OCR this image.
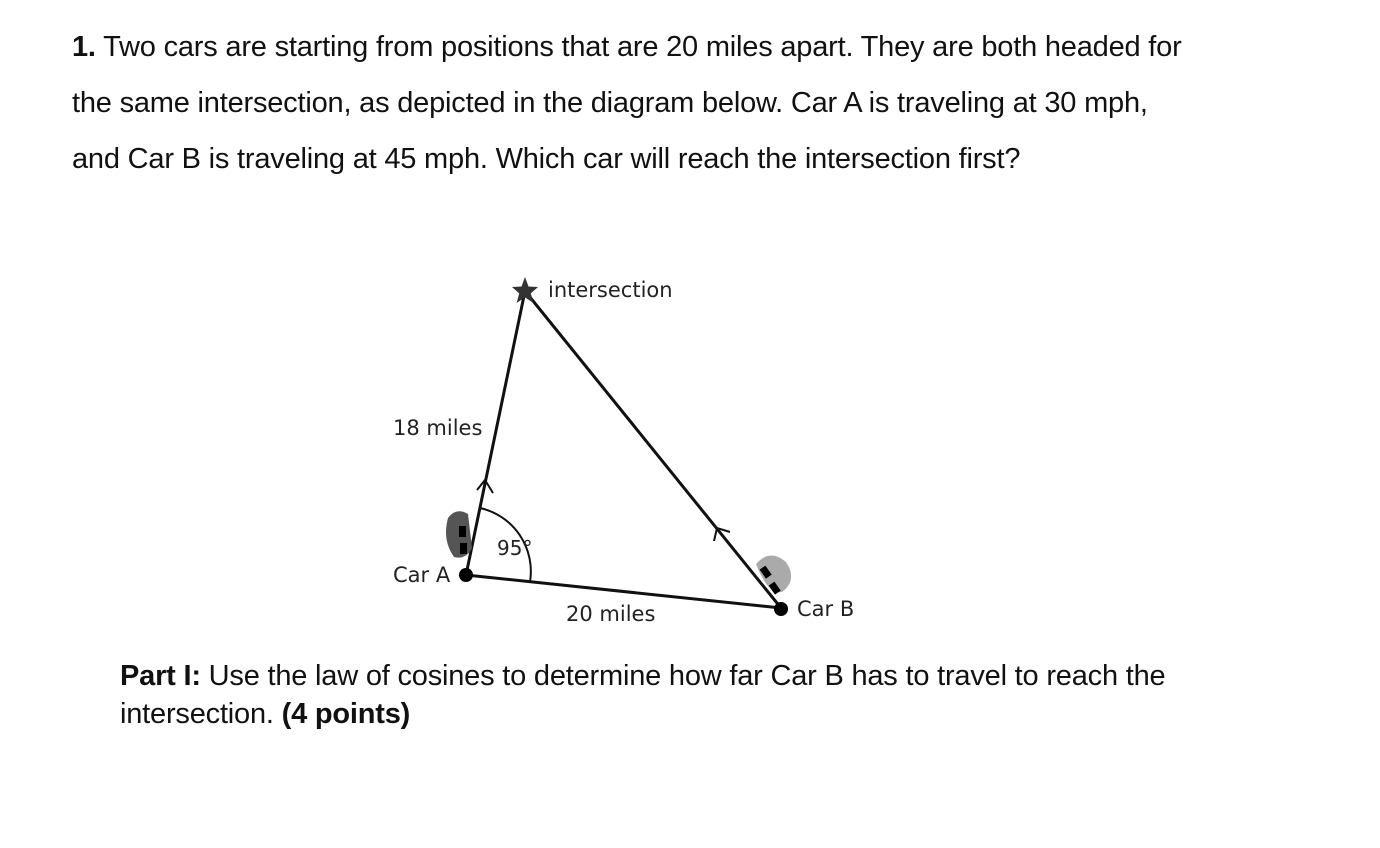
1. Two cars are starting from positions that are 20 miles apart. They are both headed for the same intersection, as depicted in the diagram below. Car A is traveling at 30 mph, and Car B is traveling at 45 mph. Which car will reach the intersection first?
intersection
18 miles
95°
Car A
20 miles	Car B
Part I: Use the law of cosines to determine how far Car B has to travel to reach the intersection. (4 points)
